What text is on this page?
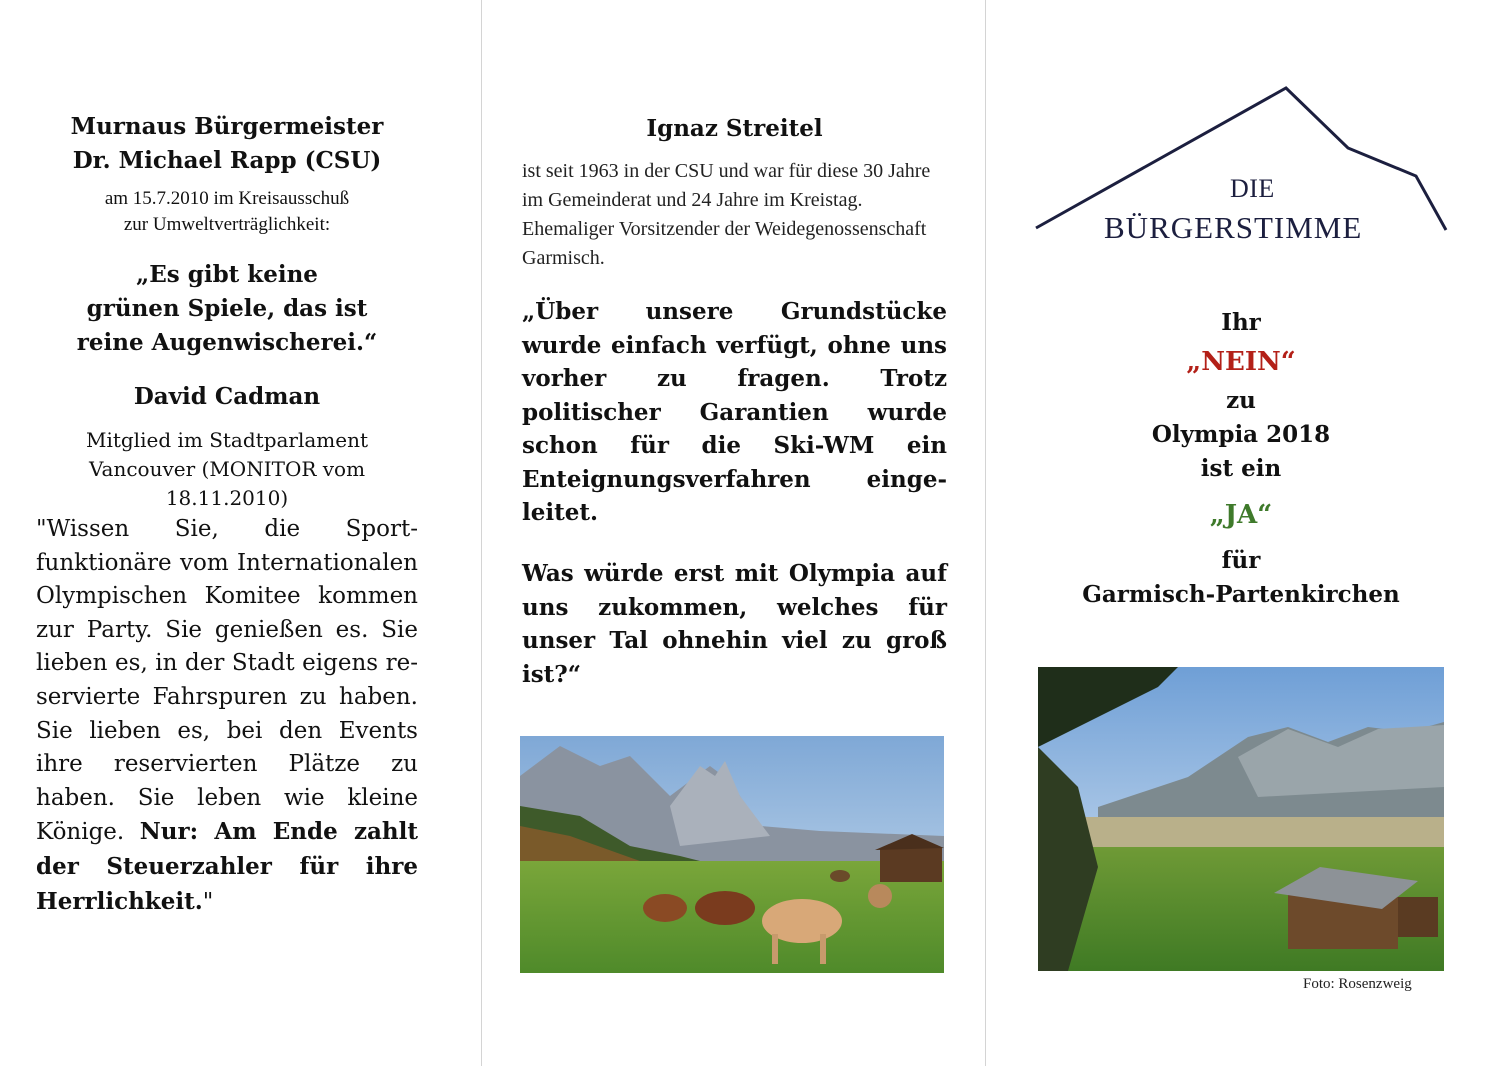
Murnaus Bürgermeister
Dr. Michael Rapp (CSU)
am 15.7.2010 im Kreisausschuß
zur Umweltverträglichkeit:
„Es gibt keine
grünen Spiele, das ist
reine Augenwischerei.“
David Cadman
Mitglied im Stadtparlament
Vancouver (MONITOR vom
18.11.2010)
"Wissen Sie, die Sportfunktionäre vom Internationalen Olympischen Komitee kommen zur Party. Sie genießen es. Sie lieben es, in der Stadt eigens reservierte Fahrspuren zu haben. Sie lieben es, bei den Events ihre reservierten Plätze zu haben. Sie leben wie kleine Könige. Nur: Am Ende zahlt der Steuerzahler für ihre Herrlichkeit."
Ignaz Streitel
ist seit 1963 in der CSU und war für diese 30 Jahre im Gemeinderat und 24 Jahre im Kreistag. Ehemaliger Vorsitzender der Weidegenossenschaft Garmisch.
„Über unsere Grundstücke wurde einfach verfügt, ohne uns vorher zu fragen. Trotz politischer Garantien wurde schon für die Ski-WM ein Enteignungsverfahren eingeleitet.
Was würde erst mit Olympia auf uns zukommen, welches für unser Tal ohnehin viel zu groß ist?“
DIE
BÜRGERSTIMME
Ihr
„NEIN“
zu
Olympia 2018
ist ein
„JA“
für
Garmisch-Partenkirchen
Foto: Rosenzweig
